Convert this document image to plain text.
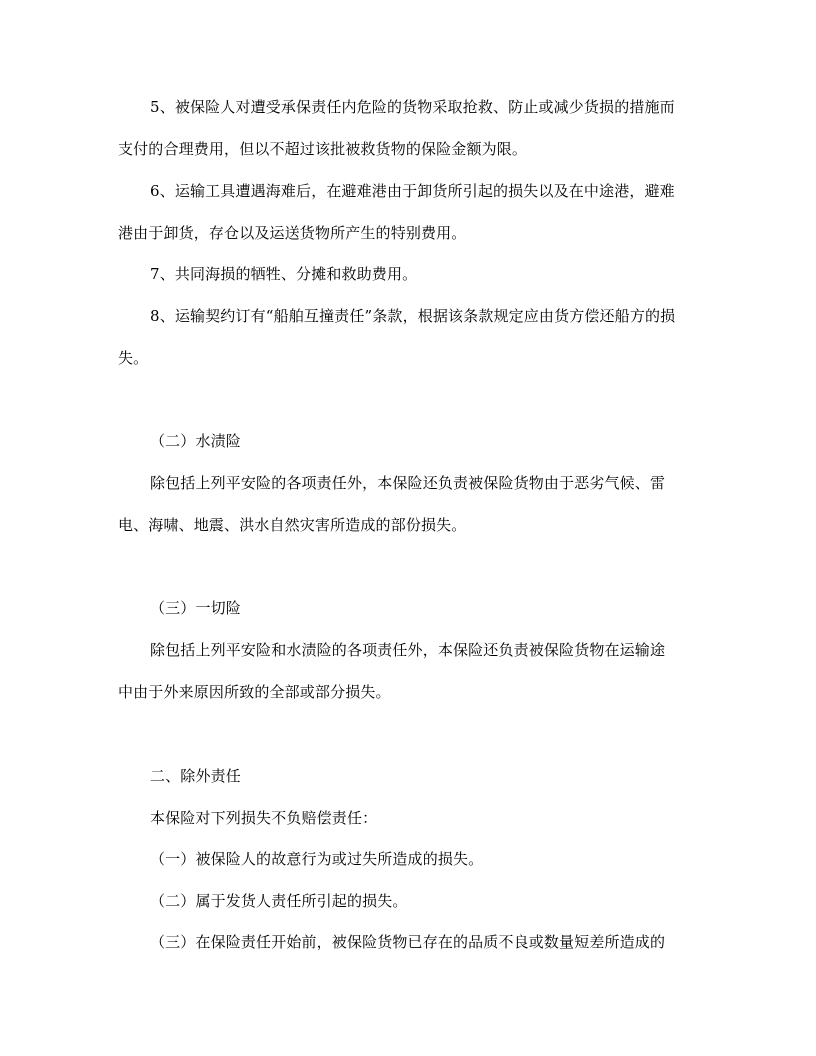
5、被保险人对遭受承保责任内危险的货物采取抢救、防止或减少货损的措施而
支付的合理费用，但以不超过该批被救货物的保险金额为限。
6、运输工具遭遇海难后，在避难港由于卸货所引起的损失以及在中途港，避难
港由于卸货，存仓以及运送货物所产生的特别费用。
7、共同海损的牺牲、分摊和救助费用。
8、运输契约订有“船舶互撞责任”条款，根据该条款规定应由货方偿还船方的损
失。
（二）水渍险
除包括上列平安险的各项责任外，本保险还负责被保险货物由于恶劣气候、雷
电、海啸、地震、洪水自然灾害所造成的部份损失。
（三）一切险
除包括上列平安险和水渍险的各项责任外，本保险还负责被保险货物在运输途
中由于外来原因所致的全部或部分损失。
二、除外责任
本保险对下列损失不负赔偿责任：
（一）被保险人的故意行为或过失所造成的损失。
（二）属于发货人责任所引起的损失。
（三）在保险责任开始前，被保险货物已存在的品质不良或数量短差所造成的
